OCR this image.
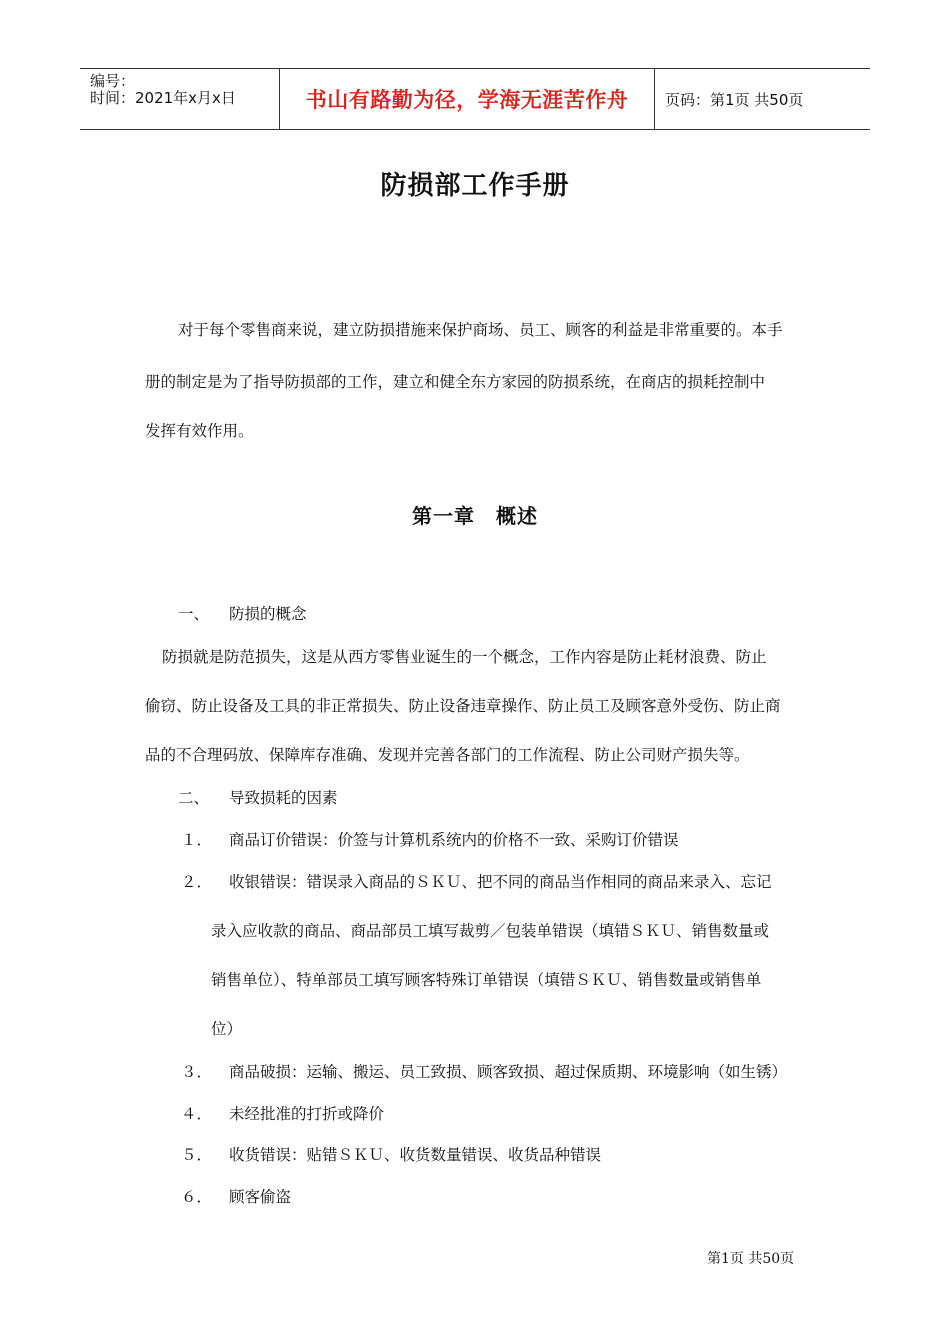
编号：
时间：2021年x月x日	书山有路勤为径，学海无涯苦作舟	页码：第1页 共50页
防损部工作手册
对于每个零售商来说，建立防损措施来保护商场、员工、顾客的利益是非常重要的。本手
册的制定是为了指导防损部的工作，建立和健全东方家园的防损系统，在商店的损耗控制中
发挥有效作用。
第一章　概述
一、 防损的概念
防损就是防范损失，这是从西方零售业诞生的一个概念，工作内容是防止耗材浪费、防止
偷窃、防止设备及工具的非正常损失、防止设备违章操作、防止员工及顾客意外受伤、防止商
品的不合理码放、保障库存准确、发现并完善各部门的工作流程、防止公司财产损失等。
二、 导致损耗的因素
１． 商品订价错误：价签与计算机系统内的价格不一致、采购订价错误
２． 收银错误：错误录入商品的ＳＫＵ、把不同的商品当作相同的商品来录入、忘记
录入应收款的商品、商品部员工填写裁剪／包装单错误（填错ＳＫＵ、销售数量或
销售单位）、特单部员工填写顾客特殊订单错误（填错ＳＫＵ、销售数量或销售单
位）
３． 商品破损：运输、搬运、员工致损、顾客致损、超过保质期、环境影响（如生锈）
４． 未经批准的打折或降价
５． 收货错误：贴错ＳＫＵ、收货数量错误、收货品种错误
６． 顾客偷盗
第1页 共50页
